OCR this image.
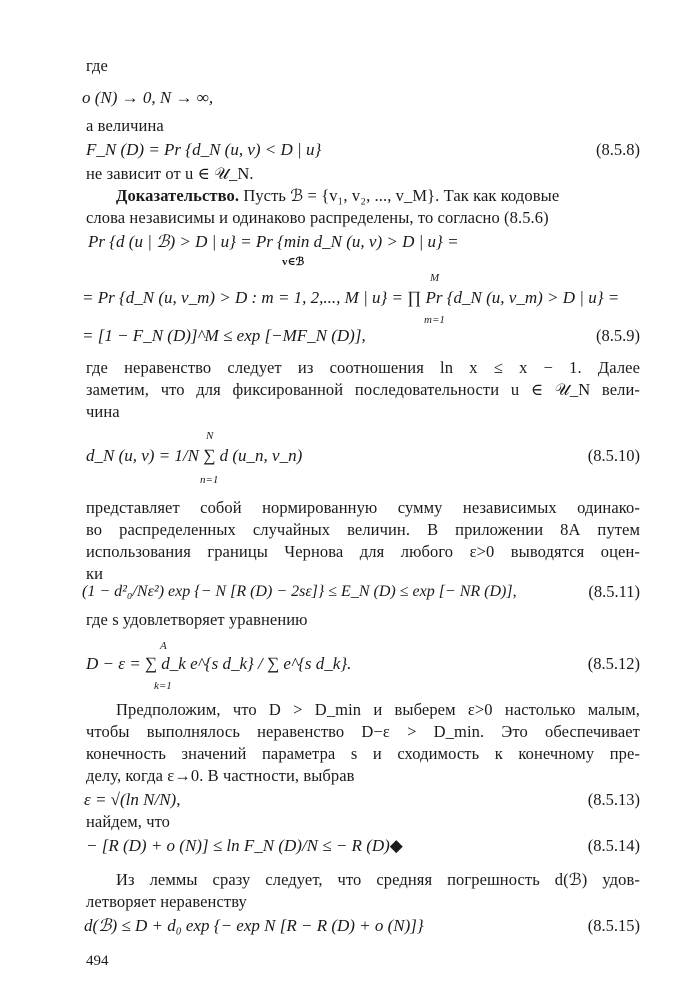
где
o (N) → 0, N → ∞,
а величина
F_N (D) = Pr {d_N (u, v) < D | u}	(8.5.8)
не зависит от u ∈ 𝒰_N.
Доказательство. Пусть ℬ = {v₁, v₂, ..., v_M}. Так как кодовые
слова независимы и одинаково распределены, то согласно (8.5.6)
Pr {d (u | ℬ) > D | u} = Pr {min d_N (u, v) > D | u} =
v∈ℬ
= Pr {d_N (u, v_m) > D : m = 1, 2,..., M | u} = ∏ Pr {d_N (u, v_m) > D | u} =
M
m=1
= [1 − F_N (D)]^M ≤ exp [−MF_N (D)],	(8.5.9)
где неравенство следует из соотношения ln x ≤ x − 1. Далее
заметим, что для фиксированной последовательности u ∈ 𝒰_N вели-
чина
d_N (u, v) = 1/N ∑ d (u_n, v_n)
N
n=1
(8.5.10)
представляет собой нормированную сумму независимых одинако-
во распределенных случайных величин. В приложении 8А путем
использования границы Чернова для любого ε>0 выводятся оцен-
ки
(1 − d²₀/Nε²) exp {− N [R (D) − 2sε]} ≤ E_N (D) ≤ exp [− NR (D)],	(8.5.11)
где s удовлетворяет уравнению
D − ε = ∑ d_k e^{s d_k} / ∑ e^{s d_k}.
A
k=1
(8.5.12)
Предположим, что D > D_min и выберем ε>0 настолько малым,
чтобы выполнялось неравенство D−ε > D_min. Это обеспечивает
конечность значений параметра s и сходимость к конечному пре-
делу, когда ε→0. В частности, выбрав
ε = √(ln N/N),	(8.5.13)
найдем, что
− [R (D) + o (N)] ≤ ln F_N (D)/N ≤ − R (D)◆	(8.5.14)
Из леммы сразу следует, что средняя погрешность d(ℬ) удов-
летворяет неравенству
d(ℬ) ≤ D + d₀ exp {− exp N [R − R (D) + o (N)]}	(8.5.15)
494
